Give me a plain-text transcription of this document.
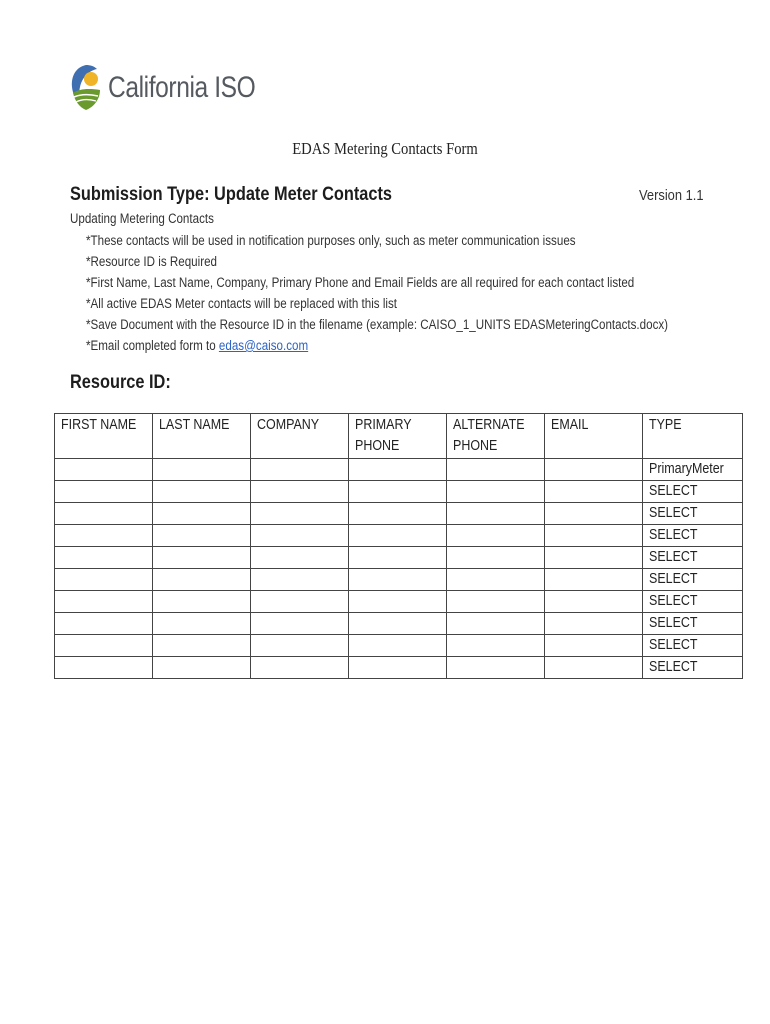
California ISO
EDAS Metering Contacts Form
Submission Type: Update Meter Contacts	Version 1.1
Updating Metering Contacts
*These contacts will be used in notification purposes only, such as meter communication issues
*Resource ID is Required
*First Name, Last Name, Company, Primary Phone and Email Fields are all required for each contact listed
*All active EDAS Meter contacts will be replaced with this list
*Save Document with the Resource ID in the filename (example: CAISO_1_UNITS EDASMeteringContacts.docx)
*Email completed form to edas@caiso.com
Resource ID:
FIRST NAME	LAST NAME	COMPANY	PRIMARY PHONE	ALTERNATE PHONE	EMAIL	TYPE
						PrimaryMeter
						SELECT
						SELECT
						SELECT
						SELECT
						SELECT
						SELECT
						SELECT
						SELECT
						SELECT
